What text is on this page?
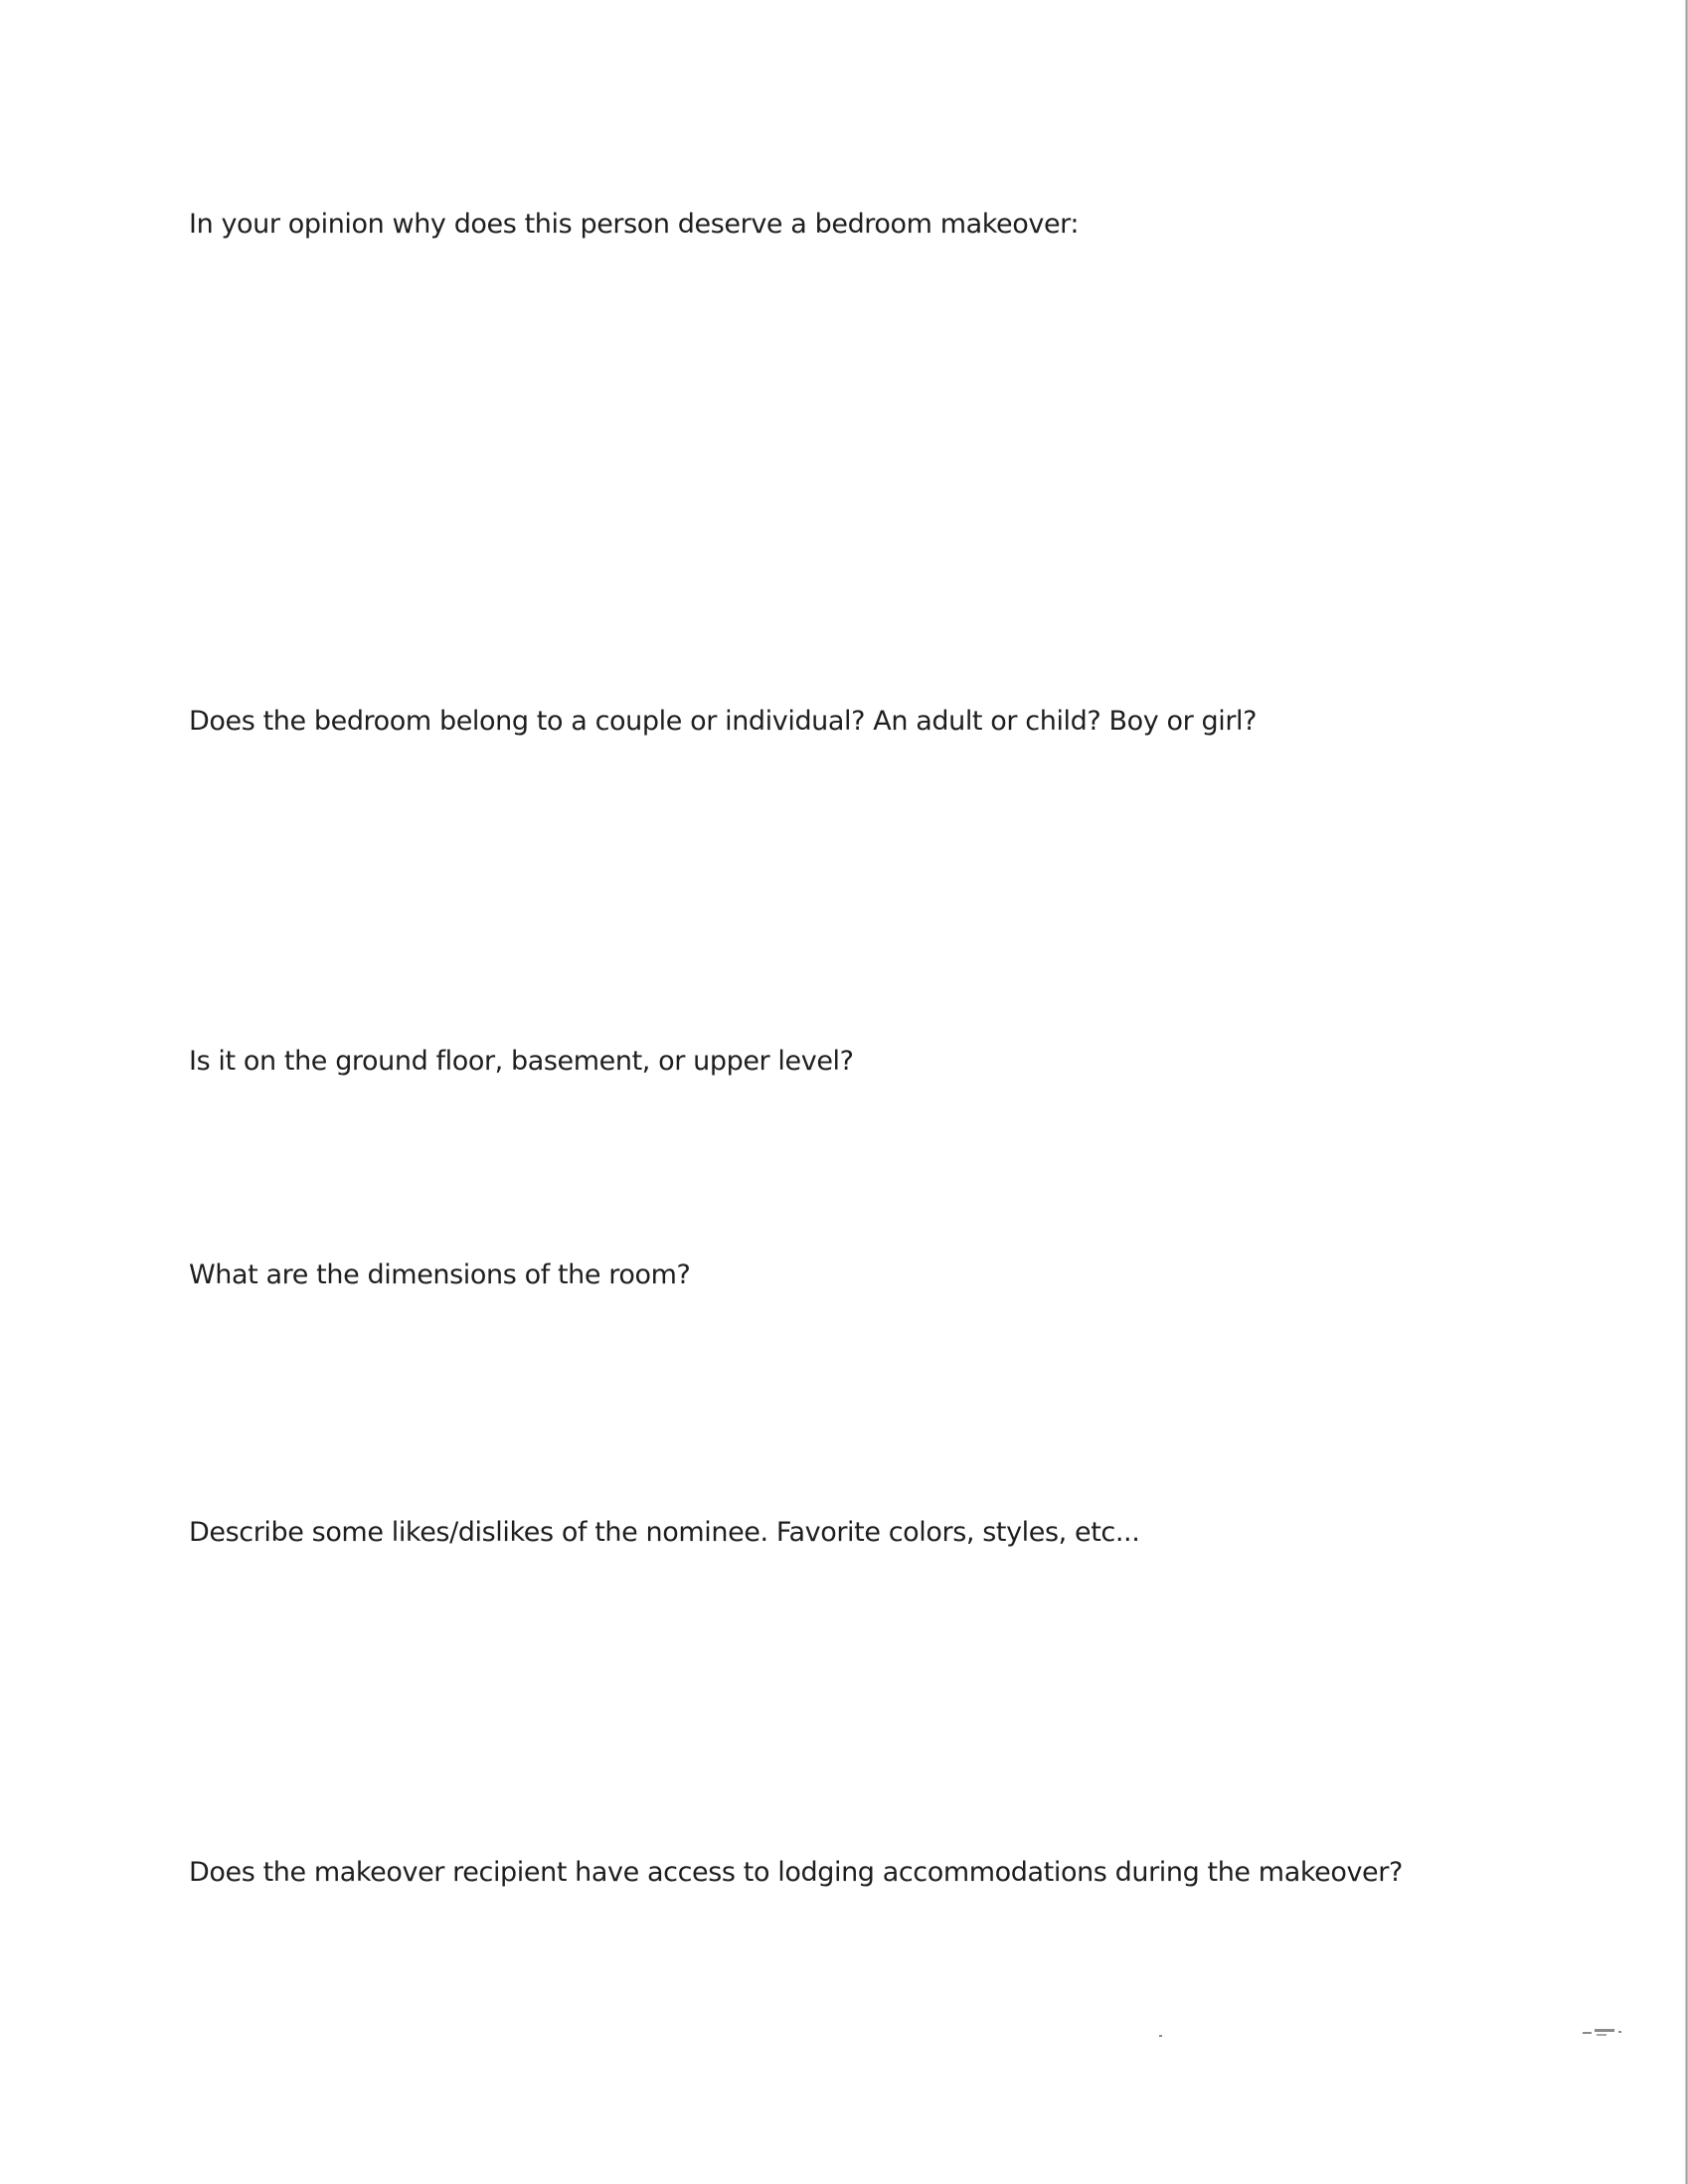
In your opinion why does this person deserve a bedroom makeover:

Does the bedroom belong to a couple or individual? An adult or child? Boy or girl?

Is it on the ground floor, basement, or upper level?

What are the dimensions of the room?

Describe some likes/dislikes of the nominee. Favorite colors, styles, etc...

Does the makeover recipient have access to lodging accommodations during the makeover?
